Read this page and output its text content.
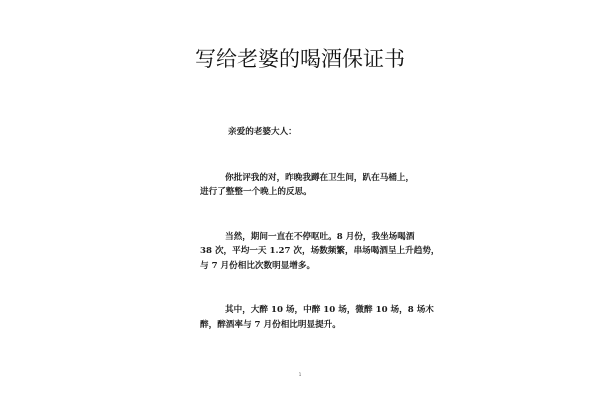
写给老婆的喝酒保证书
亲爱的老婆大人：
你批评我的对，昨晚我蹲在卫生间，趴在马桶上，
进行了整整一个晚上的反思。
当然，期间一直在不停呕吐。8 月份，我坐场喝酒
38 次，平均一天 1.27 次，场数频繁，串场喝酒呈上升趋势，
与 7 月份相比次数明显增多。
其中，大醉 10 场，中醉 10 场，微醉 10 场，8 场木
醉，醉酒率与 7 月份相比明显提升。
1
